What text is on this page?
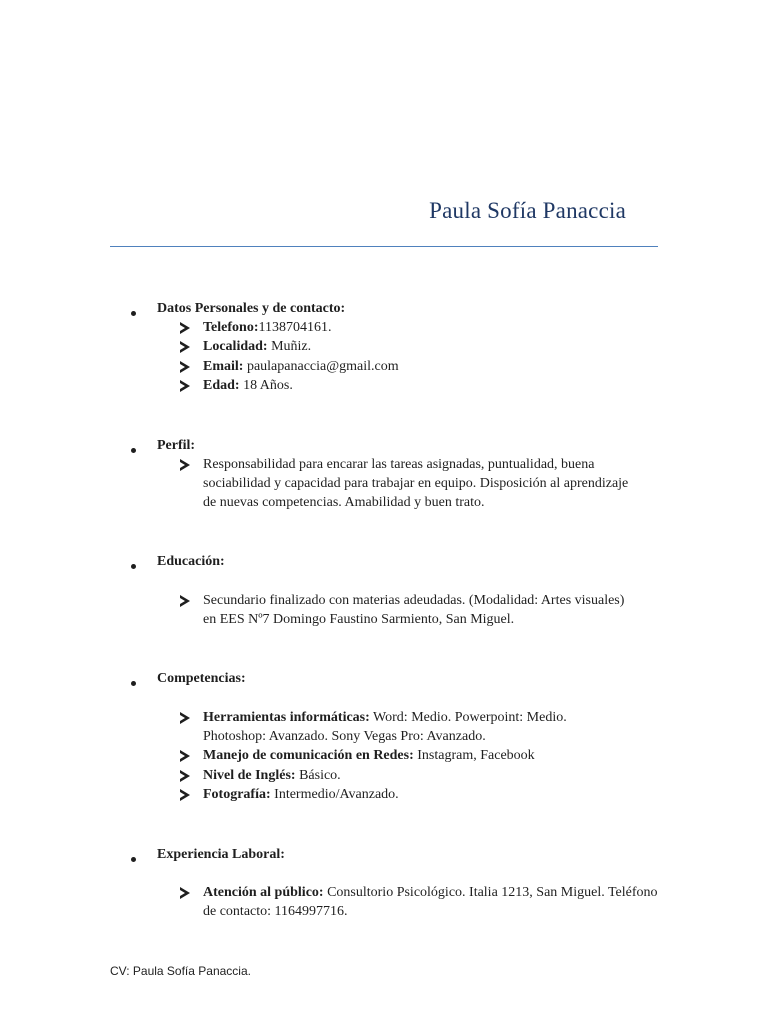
Paula Sofía Panaccia
Datos Personales y de contacto:
Telefono:1138704161.
Localidad: Muñiz.
Email: paulapanaccia@gmail.com
Edad: 18 Años.
Perfil:
Responsabilidad para encarar las tareas asignadas, puntualidad, buena sociabilidad y capacidad para trabajar en equipo. Disposición al aprendizaje de nuevas competencias. Amabilidad y buen trato.
Educación:
Secundario finalizado con materias adeudadas. (Modalidad: Artes visuales) en EES Nº7 Domingo Faustino Sarmiento, San Miguel.
Competencias:
Herramientas informáticas: Word: Medio. Powerpoint: Medio. Photoshop: Avanzado. Sony Vegas Pro: Avanzado.
Manejo de comunicación en Redes: Instagram, Facebook
Nivel de Inglés: Básico.
Fotografía: Intermedio/Avanzado.
Experiencia Laboral:
Atención al público: Consultorio Psicológico. Italia 1213, San Miguel. Teléfono de contacto: 1164997716.
CV: Paula Sofía Panaccia.
